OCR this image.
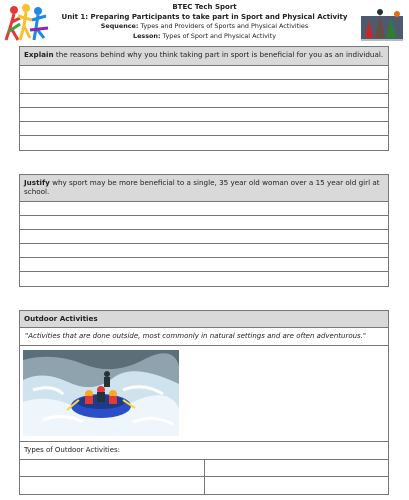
BTEC Tech Sport
Unit 1: Preparing Participants to take part in Sport and Physical Activity
Sequence: Types and Providers of Sports and Physical Activities
Lesson: Types of Sport and Physical Activity
Explain the reasons behind why you think taking part in sport is beneficial for you as an individual.
Justify why sport may be more beneficial to a single, 35 year old woman over a 15 year old girl at school.
Outdoor Activities
"Activities that are done outside, most commonly in natural settings and are often adventurous."
Types of Outdoor Activities:
